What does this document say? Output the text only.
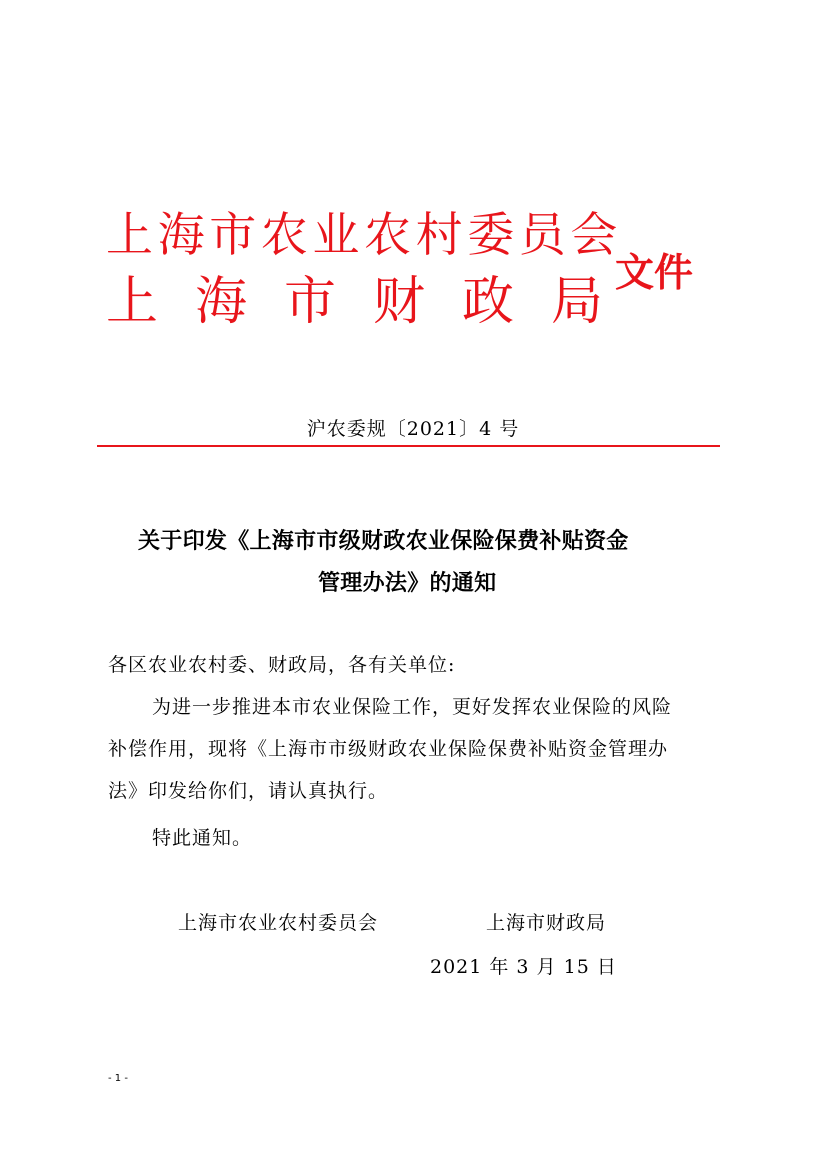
上海市农业农村委员会
上海市财政局
文件
沪农委规〔2021〕4 号
关于印发《上海市市级财政农业保险保费补贴资金
管理办法》的通知
各区农业农村委、财政局，各有关单位:
为进一步推进本市农业保险工作，更好发挥农业保险的风险
补偿作用，现将《上海市市级财政农业保险保费补贴资金管理办
法》印发给你们，请认真执行。
特此通知。
上海市农业农村委员会	上海市财政局
2021 年 3 月 15 日
- 1 -
